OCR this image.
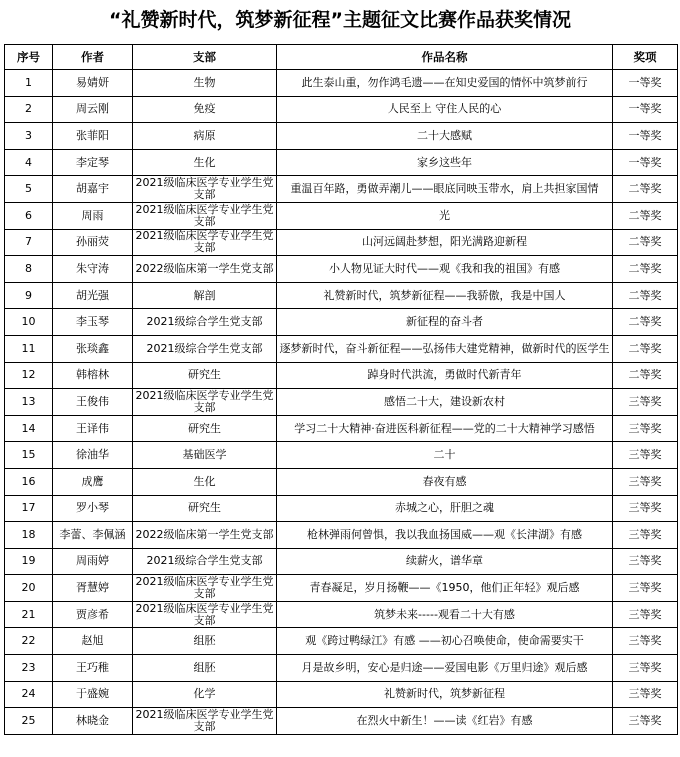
“礼赞新时代，筑梦新征程”主题征文比赛作品获奖情况
序号	作者	支部	作品名称	奖项
1	易婧妍	生物	此生泰山重，勿作鸿毛遗——在知史爱国的情怀中筑梦前行	一等奖
2	周云刚	免疫	人民至上 守住人民的心	一等奖
3	张菲阳	病原	二十大感赋	一等奖
4	李定琴	生化	家乡这些年	一等奖
5	胡嘉宇	2021级临床医学专业学生党支部	重温百年路，勇做弄潮儿——眼底同映玉带水，肩上共担家国情	二等奖
6	周雨	2021级临床医学专业学生党支部	光	二等奖
7	孙丽荧	2021级临床医学专业学生党支部	山河远阔赴梦想，阳光满路迎新程	二等奖
8	朱守涛	2022级临床第一学生党支部	小人物见证大时代——观《我和我的祖国》有感	二等奖
9	胡光强	解剖	礼赞新时代，筑梦新征程——我骄傲，我是中国人	二等奖
10	李玉琴	2021级综合学生党支部	新征程的奋斗者	二等奖
11	张琰鑫	2021级综合学生党支部	逐梦新时代，奋斗新征程——弘扬伟大建党精神，做新时代的医学生	二等奖
12	韩榕林	研究生	踔身时代洪流，勇做时代新青年	二等奖
13	王俊伟	2021级临床医学专业学生党支部	感悟二十大，建设新农村	三等奖
14	王译伟	研究生	学习二十大精神·奋进医科新征程——党的二十大精神学习感悟	三等奖
15	徐油华	基础医学	二十	三等奖
16	成鹰	生化	春夜有感	三等奖
17	罗小琴	研究生	赤城之心，肝胆之魂	三等奖
18	李蕾、李佩涵	2022级临床第一学生党支部	枪林弹雨何曾惧，我以我血扬国威——观《长津湖》有感	三等奖
19	周雨婷	2021级综合学生党支部	续薪火，谱华章	三等奖
20	胥慧婷	2021级临床医学专业学生党支部	青春凝足，岁月扬鞭——《1950，他们正年轻》观后感	三等奖
21	贾彦希	2021级临床医学专业学生党支部	筑梦未来-----观看二十大有感	三等奖
22	赵旭	组胚	观《跨过鸭绿江》有感 ——初心召唤使命，使命需要实干	三等奖
23	王巧稚	组胚	月是故乡明，安心是归途——爱国电影《万里归途》观后感	三等奖
24	于盛婉	化学	礼赞新时代，筑梦新征程	三等奖
25	林晓金	2021级临床医学专业学生党支部	在烈火中新生！——读《红岩》有感	三等奖
